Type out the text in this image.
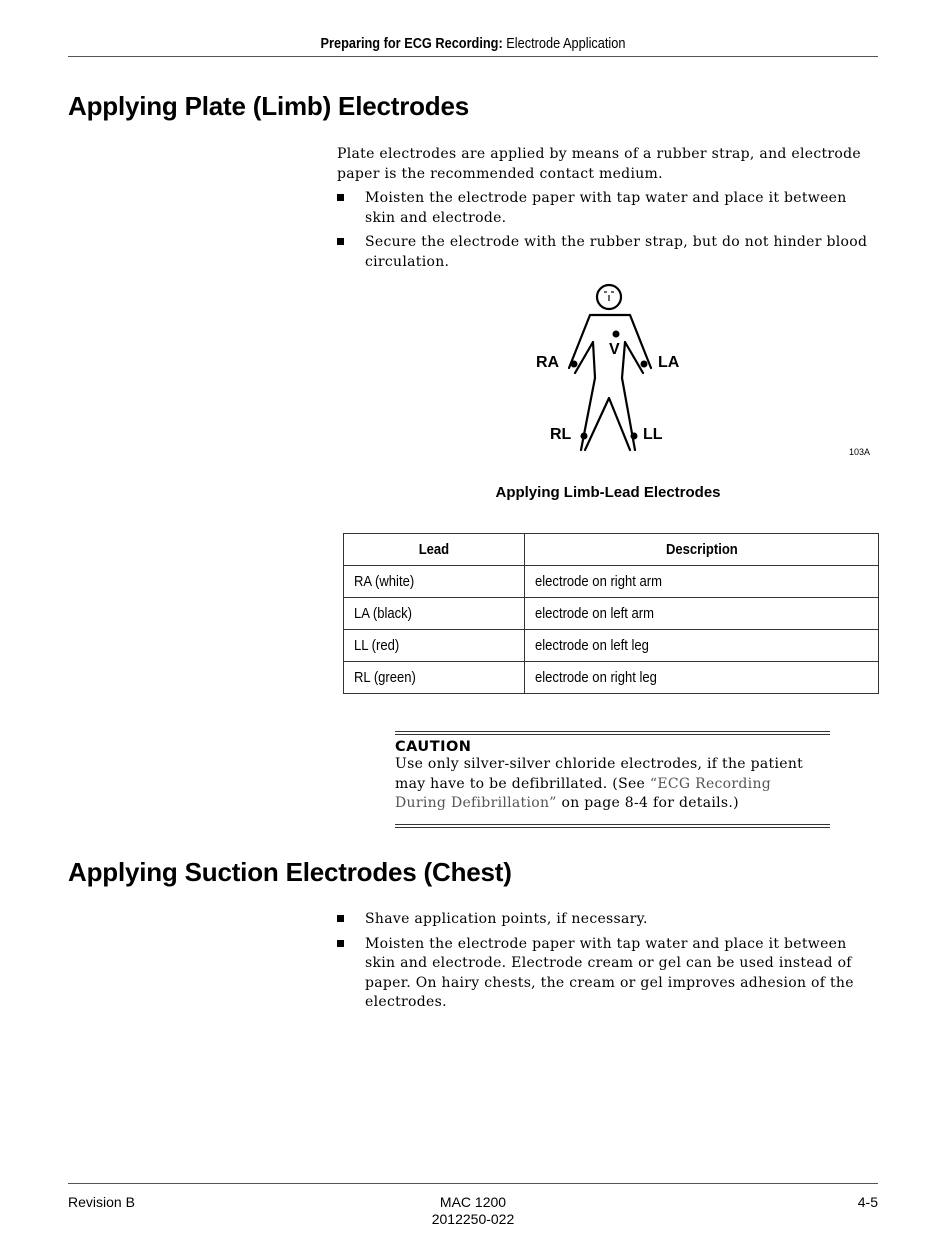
Preparing for ECG Recording: Electrode Application
Applying Plate (Limb) Electrodes

Plate electrodes are applied by means of a rubber strap, and electrode paper is the recommended contact medium.

Moisten the electrode paper with tap water and place it between skin and electrode.
Secure the electrode with the rubber strap, but do not hinder blood circulation.
RA	LA
V
RL	LL
103A
Applying Limb-Lead Electrodes
Lead	Description
RA (white)	electrode on right arm
LA (black)	electrode on left arm
LL (red)	electrode on left leg
RL (green)	electrode on right leg
CAUTION
Use only silver-silver chloride electrodes, if the patient may have to be defibrillated. (See “ECG Recording During Defibrillation” on page 8-4 for details.)
Applying Suction Electrodes (Chest)
Shave application points, if necessary.
Moisten the electrode paper with tap water and place it between skin and electrode. Electrode cream or gel can be used instead of paper. On hairy chests, the cream or gel improves adhesion of the electrodes.
Revision B	MAC 1200
2012250-022
4-5
